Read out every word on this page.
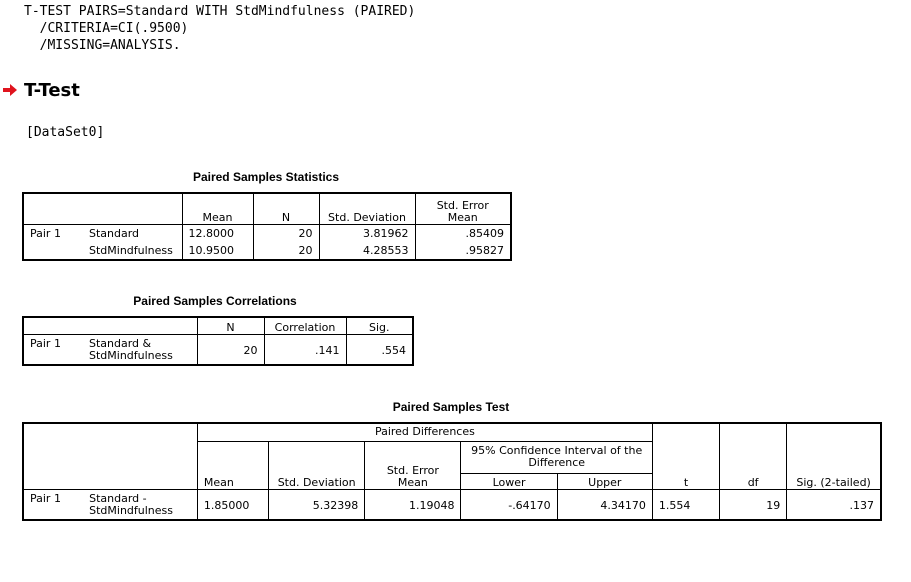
T-TEST PAIRS=Standard WITH StdMindfulness (PAIRED)
/CRITERIA=CI(.9500)
/MISSING=ANALYSIS.
T-Test
[DataSet0]
Paired Samples Statistics
		Mean	N	Std. Deviation	Std. Error Mean
Pair 1	Standard	12.8000	20	3.81962	.85409
	StdMindfulness	10.9500	20	4.28553	.95827
Paired Samples Correlations
		N	Correlation	Sig.
Pair 1	Standard & StdMindfulness	20	.141	.554
Paired Samples Test
		Paired Differences					t	df	Sig. (2-tailed)
		Mean	Std. Deviation	Std. Error Mean	95% Confidence Interval of the Difference				
					Lower	Upper			
Pair 1	Standard - StdMindfulness	1.85000	5.32398	1.19048	-.64170	4.34170	1.554	19	.137
